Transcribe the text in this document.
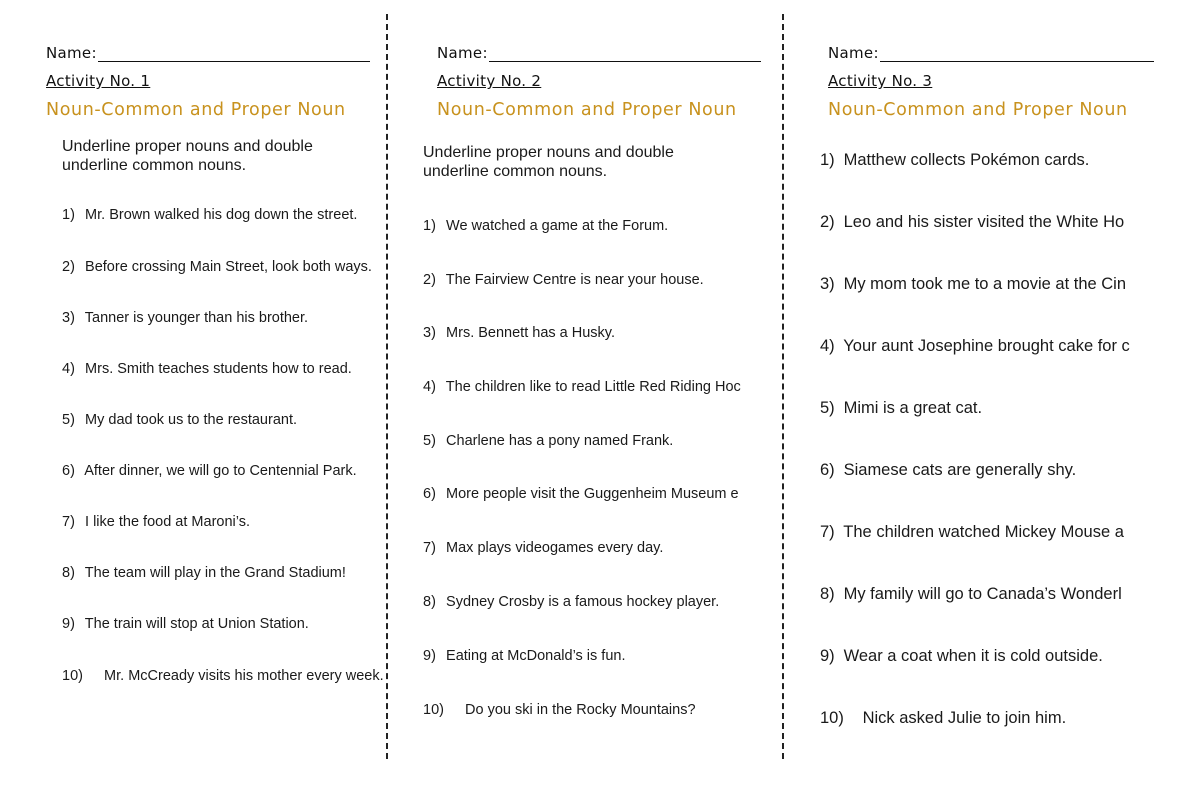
Name:
Activity No. 1
Noun-Common and Proper Noun
Underline proper nouns and double
underline common nouns.
1) Mr. Brown walked his dog down the street.
2) Before crossing Main Street, look both ways.
3) Tanner is younger than his brother.
4) Mrs. Smith teaches students how to read.
5) My dad took us to the restaurant.
6) After dinner, we will go to Centennial Park.
7) I like the food at Maroni’s.
8) The team will play in the Grand Stadium!
9) The train will stop at Union Station.
10) Mr. McCready visits his mother every week.
Name:
Activity No. 2
Noun-Common and Proper Noun
Underline proper nouns and double
underline common nouns.
1) We watched a game at the Forum.
2) The Fairview Centre is near your house.
3) Mrs. Bennett has a Husky.
4) The children like to read Little Red Riding Hoc
5) Charlene has a pony named Frank.
6) More people visit the Guggenheim Museum e
7) Max plays videogames every day.
8) Sydney Crosby is a famous hockey player.
9) Eating at McDonald’s is fun.
10) Do you ski in the Rocky Mountains?
Name:
Activity No. 3
Noun-Common and Proper Noun
1) Matthew collects Pokémon cards.
2) Leo and his sister visited the White Ho
3) My mom took me to a movie at the Cin
4) Your aunt Josephine brought cake for c
5) Mimi is a great cat.
6) Siamese cats are generally shy.
7) The children watched Mickey Mouse a
8) My family will go to Canada’s Wonderl
9) Wear a coat when it is cold outside.
10) Nick asked Julie to join him.
